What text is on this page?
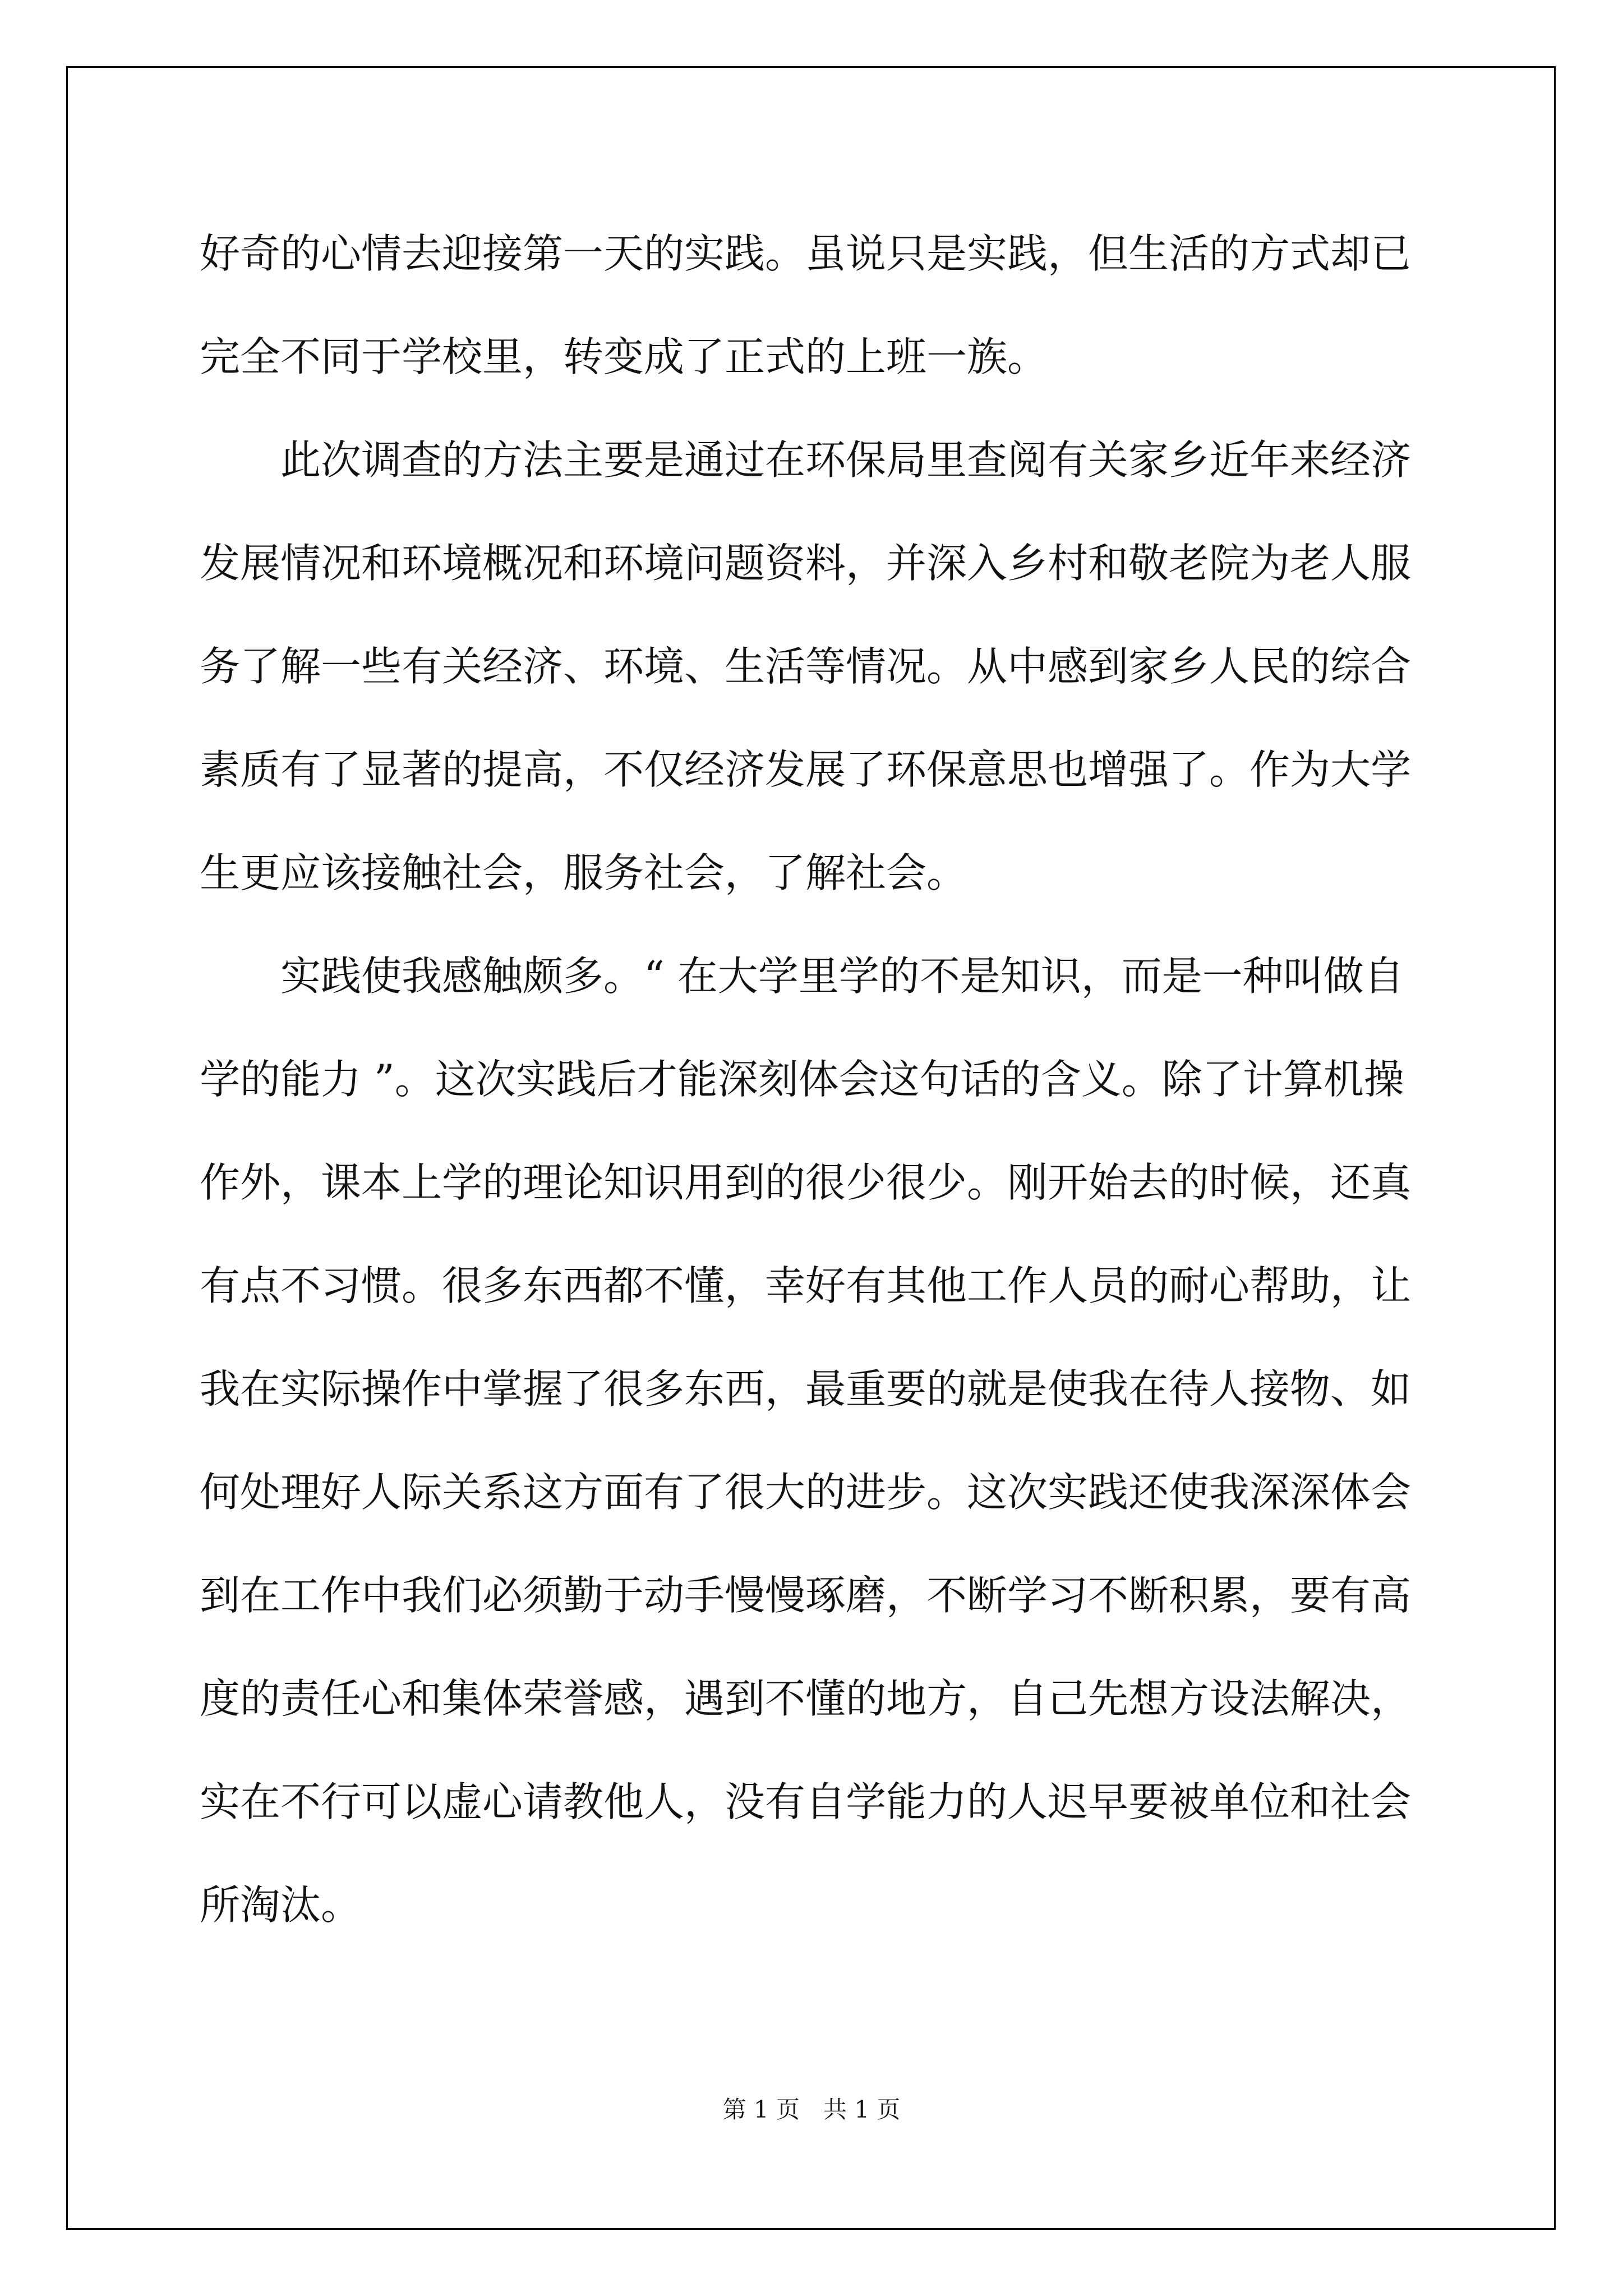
好奇的心情去迎接第一天的实践。虽说只是实践，但生活的方式却已

完全不同于学校里，转变成了正式的上班一族。

此次调查的方法主要是通过在环保局里查阅有关家乡近年来经济

发展情况和环境概况和环境问题资料，并深入乡村和敬老院为老人服

务了解一些有关经济、环境、生活等情况。从中感到家乡人民的综合

素质有了显著的提高，不仅经济发展了环保意思也增强了。作为大学

生更应该接触社会，服务社会，了解社会。

实践使我感触颇多。“ 在大学里学的不是知识，而是一种叫做自

学的能力 ”。这次实践后才能深刻体会这句话的含义。除了计算机操

作外，课本上学的理论知识用到的很少很少。刚开始去的时候，还真

有点不习惯。很多东西都不懂，幸好有其他工作人员的耐心帮助，让

我在实际操作中掌握了很多东西，最重要的就是使我在待人接物、如

何处理好人际关系这方面有了很大的进步。这次实践还使我深深体会

到在工作中我们必须勤于动手慢慢琢磨，不断学习不断积累，要有高

度的责任心和集体荣誉感，遇到不懂的地方，自己先想方设法解决，

实在不行可以虚心请教他人，没有自学能力的人迟早要被单位和社会

所淘汰。

第 1 页　共 1 页
